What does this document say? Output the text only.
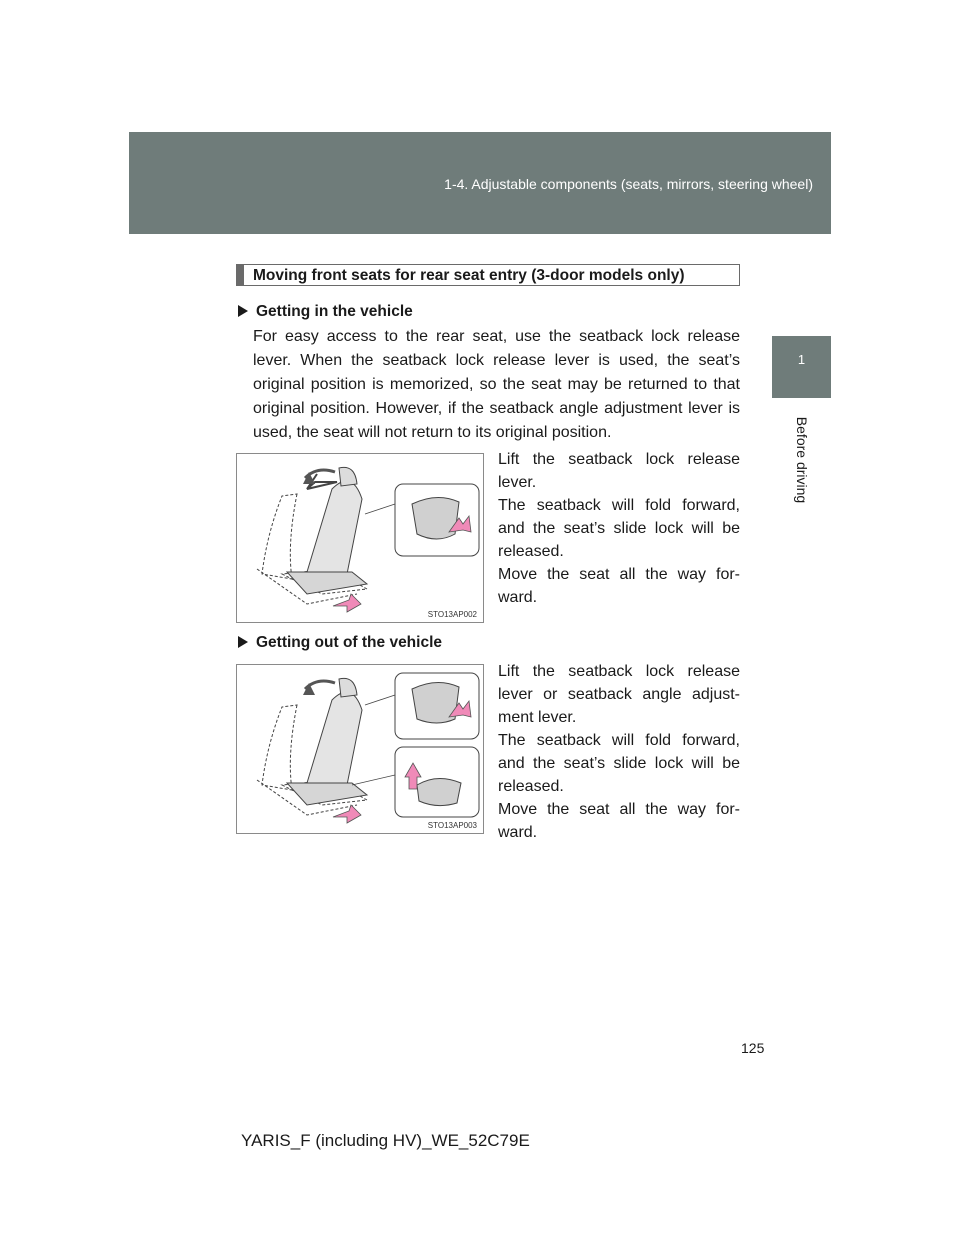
1-4. Adjustable components (seats, mirrors, steering wheel)
1
Before driving
Moving front seats for rear seat entry (3-door models only)
Getting in the vehicle

For easy access to the rear seat, use the seatback lock release lever. When the seatback lock release lever is used, the seat’s original position is memorized, so the seat may be returned to that original position. However, if the seatback angle adjustment lever is used, the seat will not return to its original position.

STO13AP002

Lift the seatback lock release lever.

The seatback will fold forward, and the seat’s slide lock will be released.

Move the seat all the way for-ward.

Getting out of the vehicle
STO13AP003

Lift the seatback lock release lever or seatback angle adjust-ment lever.

The seatback will fold forward, and the seat’s slide lock will be released.

Move the seat all the way for-ward.

125
YARIS_F (including HV)_WE_52C79E
